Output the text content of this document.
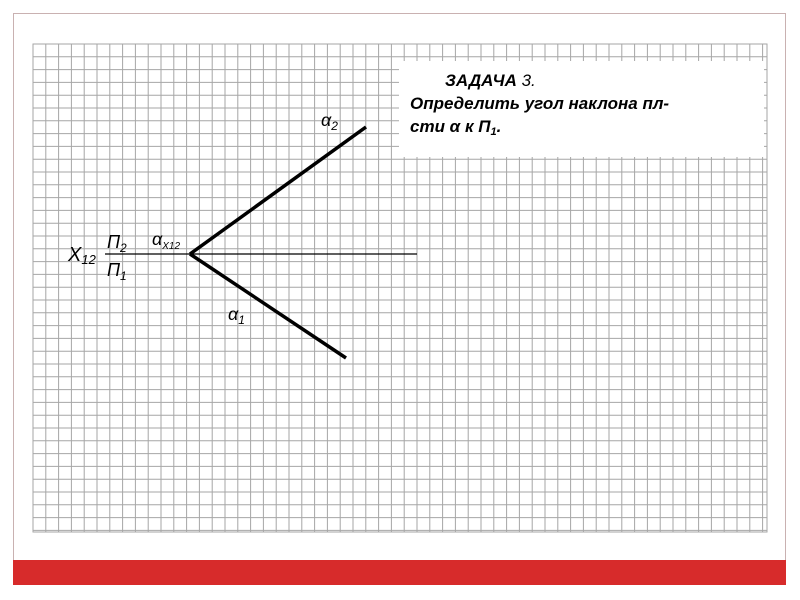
$\alpha_2$
$\alpha_1$
$\alpha_{X12}$
X12
$П_2$
$П_1$
ЗАДАЧА 3.
Определить угол наклона пл-
сти α к $П_1$.
